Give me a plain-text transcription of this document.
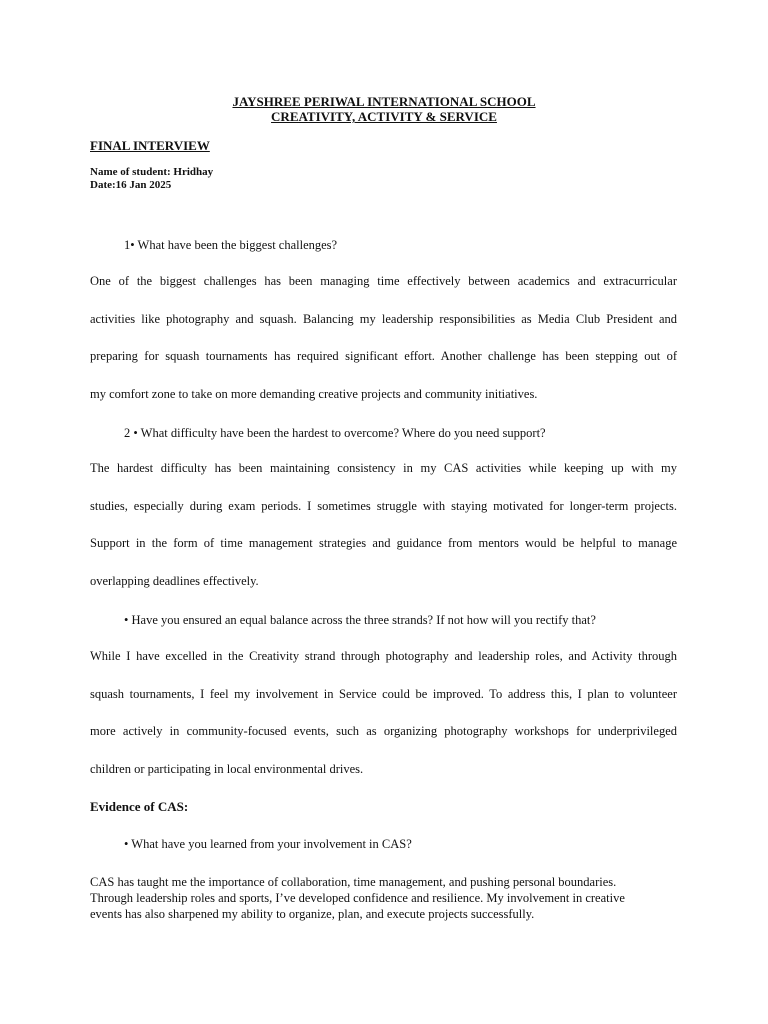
JAYSHREE PERIWAL INTERNATIONAL SCHOOL
CREATIVITY, ACTIVITY & SERVICE
FINAL INTERVIEW
Name of student: Hridhay
Date:16 Jan 2025
1• What have been the biggest challenges?
One of the biggest challenges has been managing time effectively between academics and extracurricular
activities like photography and squash. Balancing my leadership responsibilities as Media Club President and
preparing for squash tournaments has required significant effort. Another challenge has been stepping out of
my comfort zone to take on more demanding creative projects and community initiatives.
2 • What difficulty have been the hardest to overcome? Where do you need support?
The hardest difficulty has been maintaining consistency in my CAS activities while keeping up with my
studies, especially during exam periods. I sometimes struggle with staying motivated for longer-term projects.
Support in the form of time management strategies and guidance from mentors would be helpful to manage
overlapping deadlines effectively.
• Have you ensured an equal balance across the three strands? If not how will you rectify that?
While I have excelled in the Creativity strand through photography and leadership roles, and Activity through
squash tournaments, I feel my involvement in Service could be improved. To address this, I plan to volunteer
more actively in community-focused events, such as organizing photography workshops for underprivileged
children or participating in local environmental drives.
Evidence of CAS:
• What have you learned from your involvement in CAS?
CAS has taught me the importance of collaboration, time management, and pushing personal boundaries.
Through leadership roles and sports, I’ve developed confidence and resilience. My involvement in creative
events has also sharpened my ability to organize, plan, and execute projects successfully.
